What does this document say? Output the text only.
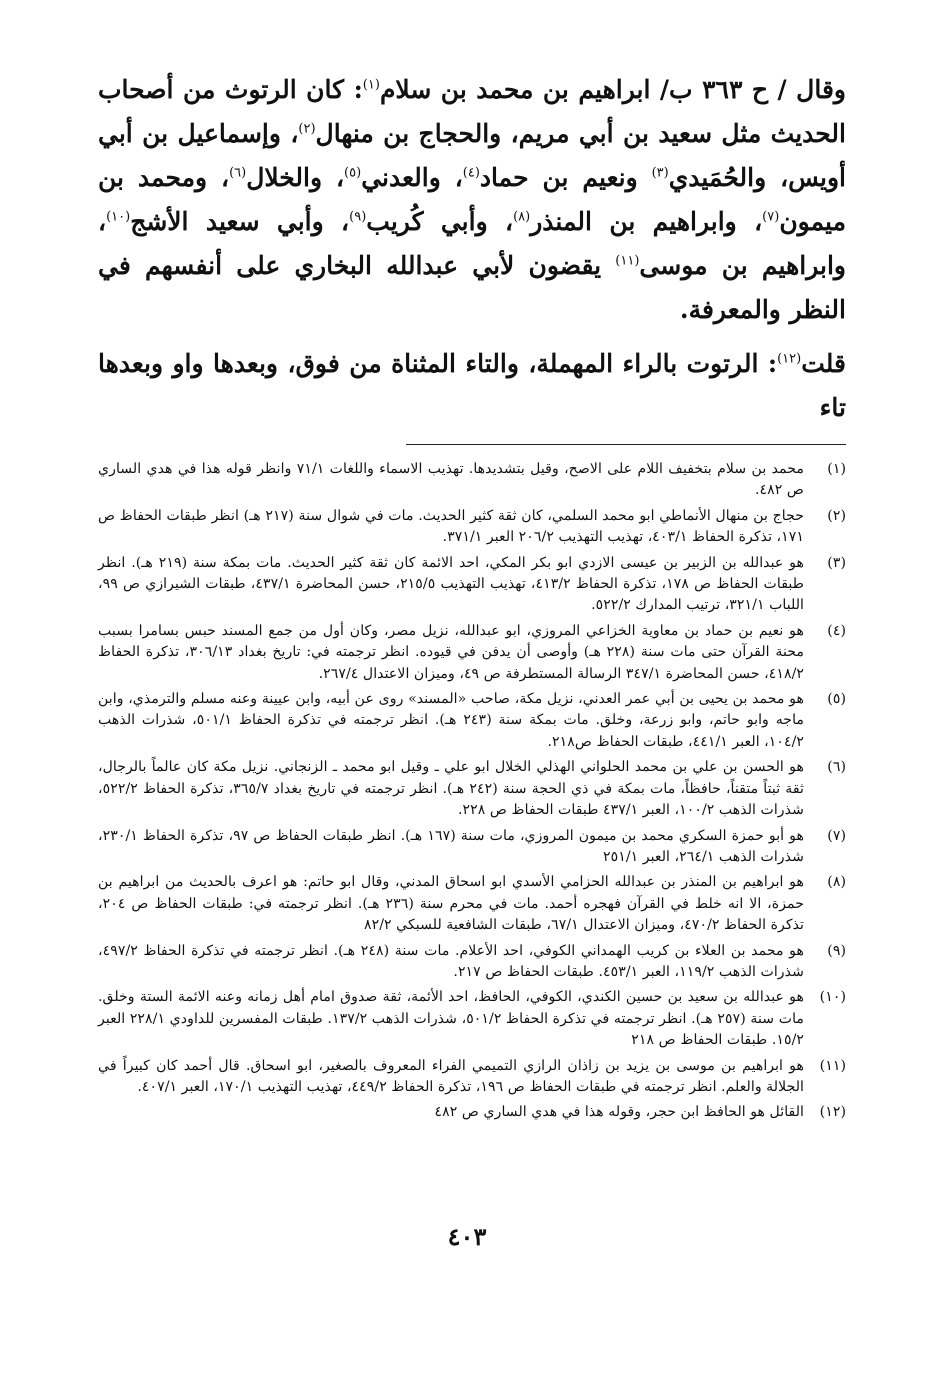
وقال / ح ٣٦٣ ب/ ابراهيم بن محمد بن سلام$^{(١)}$: كان الرتوث من أصحاب الحديث مثل سعيد بن أبي مريم، والحجاج بن منهال$^{(٢)}$، وإسماعيل بن أبي أويس، والحُمَيدي$^{(٣)}$ ونعيم بن حماد$^{(٤)}$، والعدني$^{(٥)}$، والخلال$^{(٦)}$، ومحمد بن ميمون$^{(٧)}$، وابراهيم بن المنذر$^{(٨)}$، وأبي كُريب$^{(٩)}$، وأبي سعيد الأشج$^{(١٠)}$، وابراهيم بن موسى$^{(١١)}$ يقضون لأبي عبدالله البخاري على أنفسهم في النظر والمعرفة.

قلت$^{(١٢)}$: الرتوت بالراء المهملة، والتاء المثناة من فوق، وبعدها واو وبعدها تاء

(١)
محمد بن سلام بتخفيف اللام على الاصح، وقيل بتشديدها. تهذيب الاسماء واللغات ٧١/١ وانظر قوله هذا في هدي الساري ص ٤٨٢.
(٢)
حجاج بن منهال الأنماطي ابو محمد السلمي، كان ثقة كثير الحديث. مات في شوال سنة (٢١٧ هـ) انظر طبقات الحفاظ ص ١٧١، تذكرة الحفاظ ٤٠٣/١، تهذيب التهذيب ٢٠٦/٢ العبر ٣٧١/١.
(٣)
هو عبدالله بن الزبير بن عيسى الازدي ابو بكر المكي، احد الائمة كان ثقة كثير الحديث. مات بمكة سنة (٢١٩ هـ). انظر طبقات الحفاظ ص ١٧٨، تذكرة الحفاظ ٤١٣/٢، تهذيب التهذيب ٢١٥/٥، حسن المحاضرة ٤٣٧/١، طبقات الشيرازي ص ٩٩، اللباب ٣٢١/١، ترتيب المدارك ٥٢٢/٢.
(٤)
هو نعيم بن حماد بن معاوية الخزاعي المروزي، ابو عبدالله، نزيل مصر، وكان أول من جمع المسند حبس بسامرا بسبب محنة القرآن حتى مات سنة (٢٢٨ هـ) وأوصى أن يدفن في قيوده. انظر ترجمته في: تاريخ بغداد ٣٠٦/١٣، تذكرة الحفاظ ٤١٨/٢، حسن المحاضرة ٣٤٧/١ الرسالة المستطرفة ص ٤٩، وميزان الاعتدال ٢٦٧/٤.
(٥)
هو محمد بن يحيى بن أبي عمر العدني، نزيل مكة، صاحب «المسند» روى عن أبيه، وابن عيينة وعنه مسلم والترمذي، وابن ماجه وابو حاتم، وابو زرعة، وخلق. مات بمكة سنة (٢٤٣ هـ). انظر ترجمته في تذكرة الحفاظ ٥٠١/١، شذرات الذهب ١٠٤/٢، العبر ٤٤١/١، طبقات الحفاظ ص٢١٨.
(٦)
هو الحسن بن علي بن محمد الحلواني الهذلي الخلال ابو علي ـ وقيل ابو محمد ـ الزنجاني. نزيل مكة كان عالماً بالرجال، ثقة ثبتاً متقناً، حافظاً، مات بمكة في ذي الحجة سنة (٢٤٢ هـ). انظر ترجمته في تاريخ بغداد ٣٦٥/٧، تذكرة الحفاظ ٥٢٢/٢، شذرات الذهب ١٠٠/٢، العبر ٤٣٧/١ طبقات الحفاظ ص ٢٢٨.
(٧)
هو أبو حمزة السكري محمد بن ميمون المروزي، مات سنة (١٦٧ هـ). انظر طبقات الحفاظ ص ٩٧، تذكرة الحفاظ ٢٣٠/١، شذرات الذهب ٢٦٤/١، العبر ٢٥١/١
(٨)
هو ابراهيم بن المنذر بن عبدالله الحزامي الأسدي ابو اسحاق المدني، وقال ابو حاتم: هو اعرف بالحديث من ابراهيم بن حمزة، الا انه خلط في القرآن فهجره أحمد. مات في محرم سنة (٢٣٦ هـ). انظر ترجمته في: طبقات الحفاظ ص ٢٠٤، تذكرة الحفاظ ٤٧٠/٢، وميزان الاعتدال ٦٧/١، طبقات الشافعية للسبكي ٨٢/٢
(٩)
هو محمد بن العلاء بن كريب الهمداني الكوفي، احد الأعلام. مات سنة (٢٤٨ هـ). انظر ترجمته في تذكرة الحفاظ ٤٩٧/٢، شذرات الذهب ١١٩/٢، العبر ٤٥٣/١. طبقات الحفاظ ص ٢١٧.
(١٠)
هو عبدالله بن سعيد بن حسين الكندي، الكوفي، الحافظ، احد الأئمة، ثقة صدوق امام أهل زمانه وعنه الائمة الستة وخلق. مات سنة (٢٥٧ هـ). انظر ترجمته في تذكرة الحفاظ ٥٠١/٢، شذرات الذهب ١٣٧/٢. طبقات المفسرين للداودي ٢٢٨/١ العبر ١٥/٢. طبقات الحفاظ ص ٢١٨
(١١)
هو ابراهيم بن موسى بن يزيد بن زاذان الرازي التميمي الفراء المعروف بالصغير، ابو اسحاق. قال أحمد كان كبيراً في الجلالة والعلم. انظر ترجمته في طبقات الحفاظ ص ١٩٦، تذكرة الحفاظ ٤٤٩/٢، تهذيب التهذيب ١٧٠/١، العبر ٤٠٧/١.
(١٢)
القائل هو الحافظ ابن حجر، وقوله هذا في هدي الساري ص ٤٨٢
٤٠٣
